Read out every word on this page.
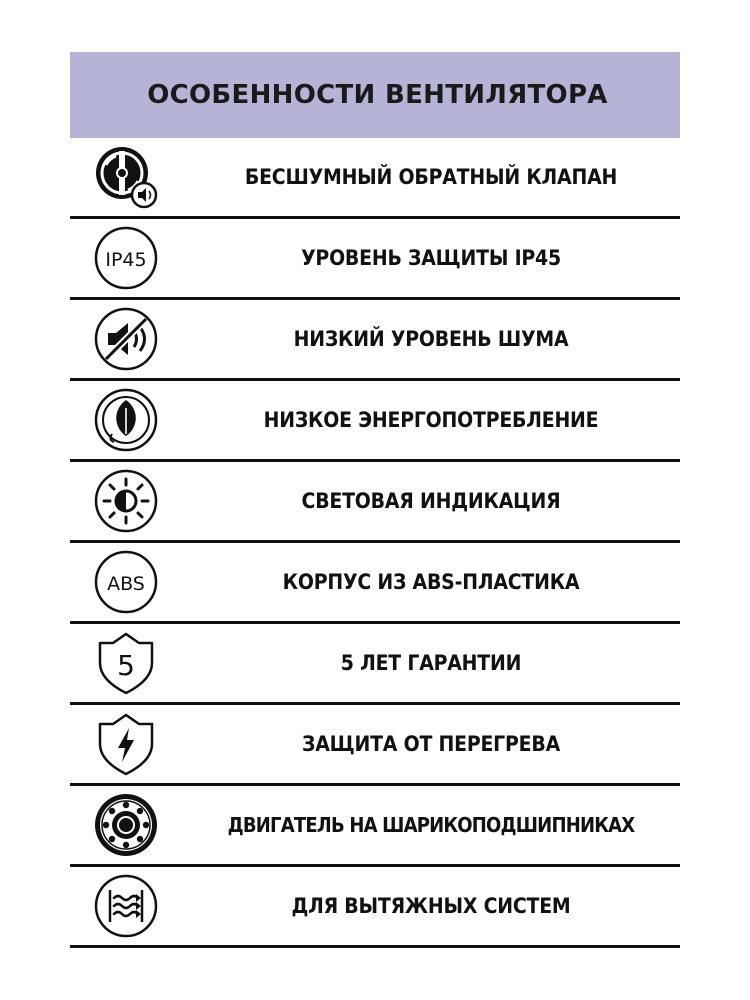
ОСОБЕННОСТИ ВЕНТИЛЯТОРА
БЕСШУМНЫЙ ОБРАТНЫЙ КЛАПАН
IP45	УРОВЕНЬ ЗАЩИТЫ IP45
НИЗКИЙ УРОВЕНЬ ШУМА
НИЗКОЕ ЭНЕРГОПОТРЕБЛЕНИЕ
СВЕТОВАЯ ИНДИКАЦИЯ
ABS	КОРПУС ИЗ ABS-ПЛАСТИКА
5	5 ЛЕТ ГАРАНТИИ
ЗАЩИТА ОТ ПЕРЕГРЕВА
ДВИГАТЕЛЬ НА ШАРИКОПОДШИПНИКАХ
ДЛЯ ВЫТЯЖНЫХ СИСТЕМ
